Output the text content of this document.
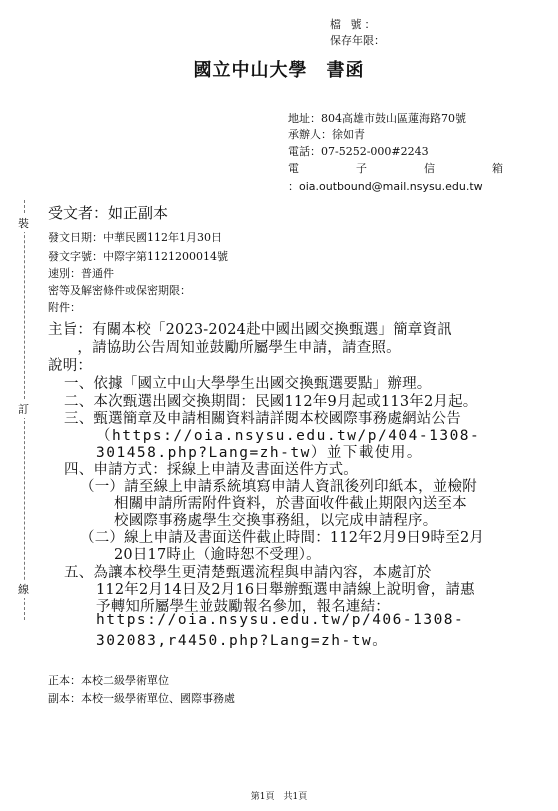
裝
訂
線
檔 號：
保存年限：
國立中山大學　書函
地址：804高雄市鼓山區蓮海路70號
承辦人：徐如青
電話：07-5252-000#2243
電	子	信	箱
：oia.outbound@mail.nsysu.edu.tw
受文者：如正副本
發文日期：中華民國112年1月30日
發文字號：中際字第1121200014號
速別：普通件
密等及解密條件或保密期限：
附件：
主旨：有關本校「2023-2024赴中國出國交換甄選」簡章資訊
　　，請協助公告周知並鼓勵所屬學生申請，請查照。
說明：
一、依據「國立中山大學學生出國交換甄選要點」辦理。
二、本次甄選出國交換期間：民國112年9月起或113年2月起。
三、甄選簡章及申請相關資料請詳閱本校國際事務處網站公告
（https://oia.nsysu.edu.tw/p/404-1308-
301458.php?Lang=zh-tw）並下載使用。
四、申請方式：採線上申請及書面送件方式。
（一）請至線上申請系統填寫申請人資訊後列印紙本，並檢附
相關申請所需附件資料，於書面收件截止期限內送至本
校國際事務處學生交換事務組，以完成申請程序。
（二）線上申請及書面送件截止時間：112年2月9日9時至2月
20日17時止（逾時恕不受理）。
五、為讓本校學生更清楚甄選流程與申請內容，本處訂於
112年2月14日及2月16日舉辦甄選申請線上說明會，請惠
予轉知所屬學生並鼓勵報名參加，報名連結：
https://oia.nsysu.edu.tw/p/406-1308-
302083,r4450.php?Lang=zh-tw。
正本：本校二級學術單位
副本：本校一級學術單位、國際事務處
第1頁　共1頁
